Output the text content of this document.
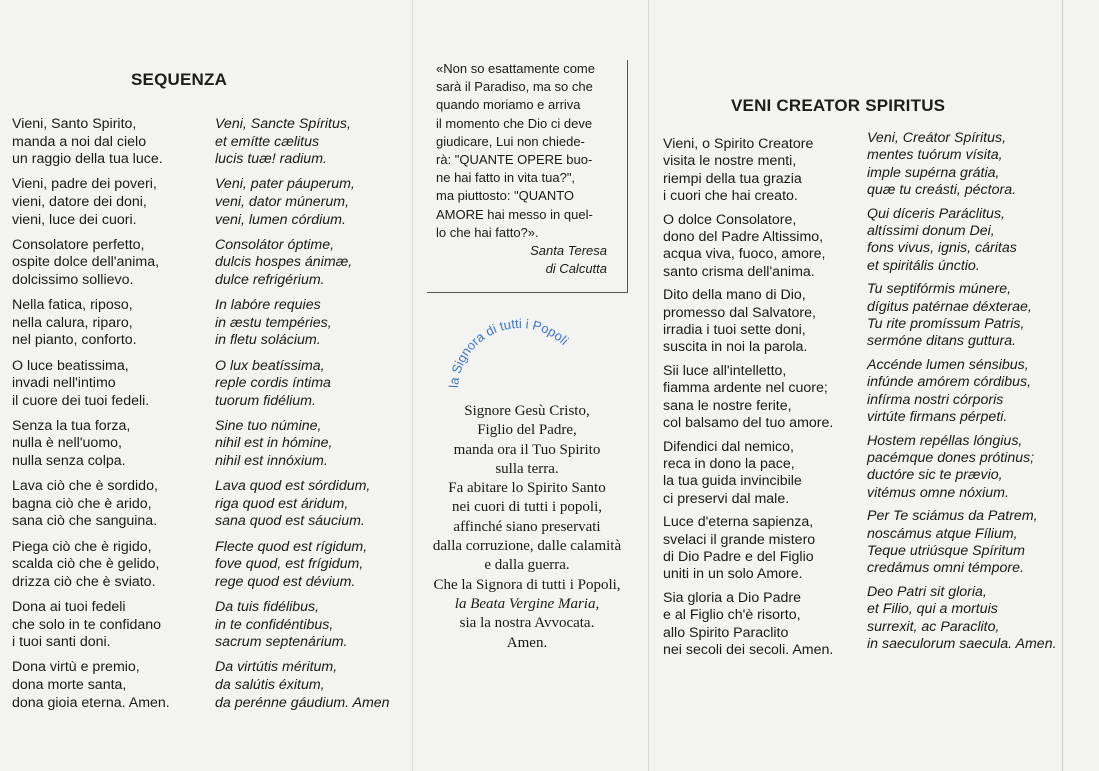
SEQUENZA
Vieni, Santo Spirito,
manda a noi dal cielo
un raggio della tua luce.
Vieni, padre dei poveri,
vieni, datore dei doni,
vieni, luce dei cuori.
Consolatore perfetto,
ospite dolce dell'anima,
dolcissimo sollievo.
Nella fatica, riposo,
nella calura, riparo,
nel pianto, conforto.
O luce beatissima,
invadi nell'intimo
il cuore dei tuoi fedeli.
Senza la tua forza,
nulla è nell'uomo,
nulla senza colpa.
Lava ciò che è sordido,
bagna ciò che è arido,
sana ciò che sanguina.
Piega ciò che è rigido,
scalda ciò che è gelido,
drizza ciò che è sviato.
Dona ai tuoi fedeli
che solo in te confidano
i tuoi santi doni.
Dona virtù e premio,
dona morte santa,
dona gioia eterna. Amen.
Veni, Sancte Spíritus,
et emítte cælitus
lucis tuæ! radium.
Veni, pater páuperum,
veni, dator múnerum,
veni, lumen córdium.
Consolátor óptime,
dulcis hospes ánimæ,
dulce refrigérium.
In labóre requies
in æstu tempéries,
in fletu solácium.
O lux beatíssima,
reple cordis íntima
tuorum fidélium.
Sine tuo númine,
nihil est in hómine,
nihil est innóxium.
Lava quod est sórdidum,
riga quod est áridum,
sana quod est sáucium.
Flecte quod est rígidum,
fove quod, est frígidum,
rege quod est dévium.
Da tuis fidélibus,
in te confidéntibus,
sacrum septenárium.
Da virtútis méritum,
da salútis éxitum,
da perénne gáudium. Amen
«Non so esattamente come
sarà il Paradiso, ma so che
quando moriamo e arriva
il momento che Dio ci deve
giudicare, Lui non chiede-
rà: "QUANTE OPERE buo-
ne hai fatto in vita tua?",
ma piuttosto: "QUANTO
AMORE hai messo in quel-
lo che hai fatto?».
Santa Teresa
di Calcutta
la Signora di tutti i Popoli
Signore Gesù Cristo,
Figlio del Padre,
manda ora il Tuo Spirito
sulla terra.
Fa abitare lo Spirito Santo
nei cuori di tutti i popoli,
affinché siano preservati
dalla corruzione, dalle calamità
e dalla guerra.
Che la Signora di tutti i Popoli,
la Beata Vergine Maria,
sia la nostra Avvocata.
Amen.
VENI CREATOR SPIRITUS
Vieni, o Spirito Creatore
visita le nostre menti,
riempi della tua grazia
i cuori che hai creato.
O dolce Consolatore,
dono del Padre Altissimo,
acqua viva, fuoco, amore,
santo crisma dell'anima.
Dito della mano di Dio,
promesso dal Salvatore,
irradia i tuoi sette doni,
suscita in noi la parola.
Sii luce all'intelletto,
fiamma ardente nel cuore;
sana le nostre ferite,
col balsamo del tuo amore.
Difendici dal nemico,
reca in dono la pace,
la tua guida invincibile
ci preservi dal male.
Luce d'eterna sapienza,
svelaci il grande mistero
di Dio Padre e del Figlio
uniti in un solo Amore.
Sia gloria a Dio Padre
e al Figlio ch'è risorto,
allo Spirito Paraclito
nei secoli dei secoli. Amen.
Veni, Creátor Spíritus,
mentes tuórum vísita,
imple supérna grátia,
quæ tu creásti, péctora.
Qui díceris Paráclitus,
altíssimi donum Dei,
fons vivus, ignis, cáritas
et spiritális únctio.
Tu septifórmis múnere,
dígitus patérnae déxterae,
Tu rite promíssum Patris,
sermóne ditans guttura.
Accénde lumen sénsibus,
infúnde amórem córdibus,
infírma nostri córporis
virtúte firmans pérpeti.
Hostem repéllas lóngius,
pacémque dones prótinus;
ductóre sic te prævio,
vitémus omne nóxium.
Per Te sciámus da Patrem,
noscámus atque Fílium,
Teque utriúsque Spíritum
credámus omni témpore.
Deo Patri sit gloria,
et Filio, qui a mortuis
surrexit, ac Paraclito,
in saeculorum saecula. Amen.
